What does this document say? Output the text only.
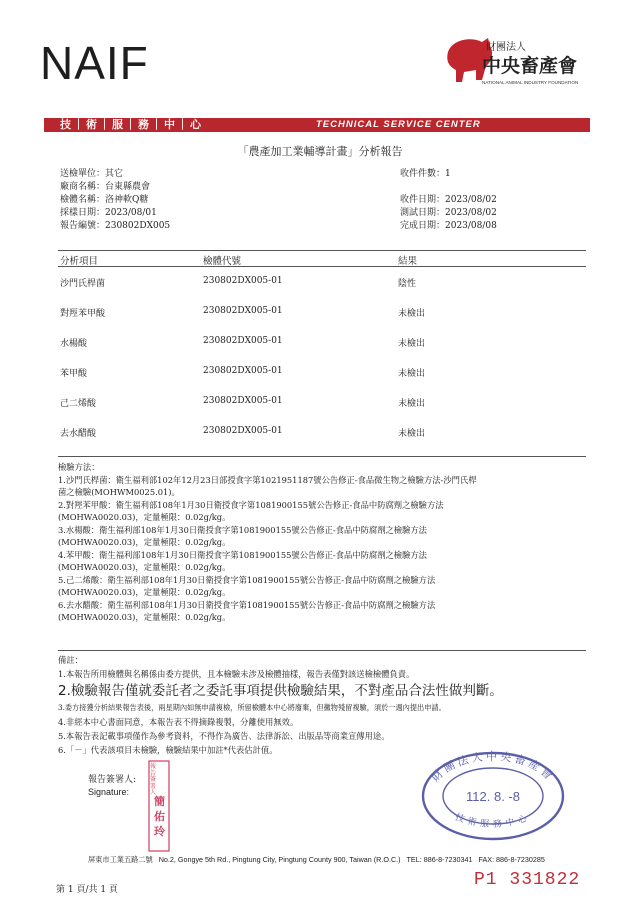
NAIF	財團法人
中央畜產會
NATIONAL ANIMAL INDUSTRY FOUNDATION
技｜術｜服｜務｜中｜心	TECHNICAL SERVICE CENTER
「農產加工業輔導計畫」分析報告
送檢單位：其它
廠商名稱：台東縣農會
檢體名稱：洛神軟Q糖
採樣日期：2023/08/01
報告編號：230802DX005
收件件數：1
收件日期：2023/08/02
測試日期：2023/08/02
完成日期：2023/08/08
分析項目	檢體代號	結果
沙門氏桿菌	230802DX005-01	陰性
對羥苯甲酸	230802DX005-01	未檢出
水楊酸	230802DX005-01	未檢出
苯甲酸	230802DX005-01	未檢出
己二烯酸	230802DX005-01	未檢出
去水醋酸	230802DX005-01	未檢出
檢驗方法：
1.沙門氏桿菌：衛生福利部102年12月23日部授食字第1021951187號公告修正-食品微生物之檢驗方法-沙門氏桿
菌之檢驗(MOHWM0025.01)。
2.對羥苯甲酸：衛生福利部108年1月30日衛授食字第1081900155號公告修正-食品中防腐劑之檢驗方法
(MOHWA0020.03)，定量極限：0.02g/kg。
3.水楊酸：衛生福利部108年1月30日衛授食字第1081900155號公告修正-食品中防腐劑之檢驗方法
(MOHWA0020.03)，定量極限：0.02g/kg。
4.苯甲酸：衛生福利部108年1月30日衛授食字第1081900155號公告修正-食品中防腐劑之檢驗方法
(MOHWA0020.03)，定量極限：0.02g/kg。
5.己二烯酸：衛生福利部108年1月30日衛授食字第1081900155號公告修正-食品中防腐劑之檢驗方法
(MOHWA0020.03)，定量極限：0.02g/kg。
6.去水醋酸：衛生福利部108年1月30日衛授食字第1081900155號公告修正-食品中防腐劑之檢驗方法
(MOHWA0020.03)，定量極限：0.02g/kg。
備註：
1.本報告所用檢體與名稱係由委方提供，且本檢驗未涉及檢體抽樣，報告表僅對該送檢檢體負責。
2.檢驗報告僅就委託者之委託事項提供檢驗結果，不對產品合法性做判斷。
3.委方接獲分析結果報告表後，兩星期內如無申請複檢，所留檢體本中心將廢棄，但黴物殘留複驗，須於一週內提出申請。
4.非經本中心書面同意，本報告表不得摘錄複製，分離使用無效。
5.本報告表記載事項僅作為參考資料，不得作為廣告、法律訴訟、出版品等商業宣傳用途。
6.「－」代表該項目未檢驗，檢驗結果中加註*代表估計值。
報告簽署人:
Signature:
報告簽署人
簡佑玲
財團法人中央畜產會
112. 8. -8
技術服務中心
屏東市工業五路二號 No.2, Gongye 5th Rd., Pingtung City, Pingtung County 900, Taiwan (R.O.C.) TEL: 886-8-7230341 FAX: 886-8-7230285
第 1 頁/共 1 頁	P1 331822
